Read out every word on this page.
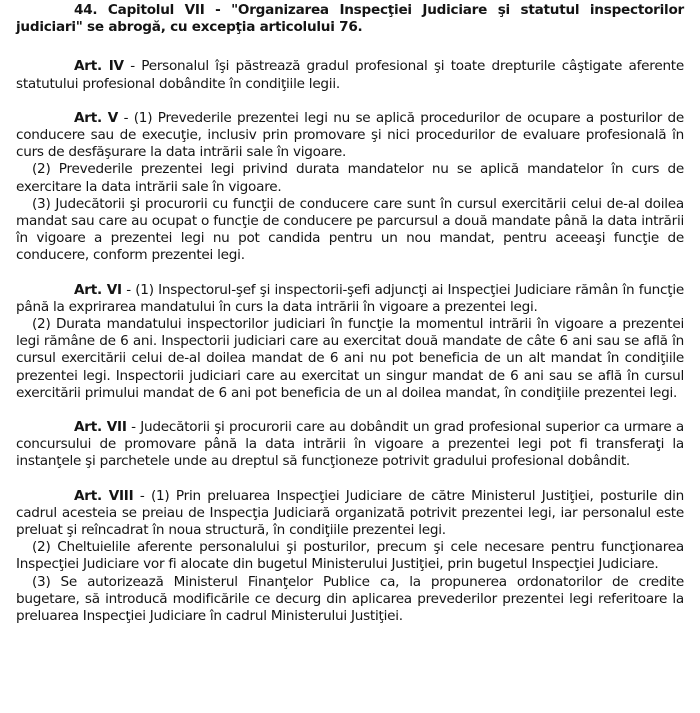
44. Capitolul VII - "Organizarea Inspecţiei Judiciare şi statutul inspectorilor judiciari" se abrogă, cu excepţia articolului 76.

Art. IV - Personalul îşi păstrează gradul profesional şi toate drepturile câştigate aferente statutului profesional dobândite în condiţiile legii.

Art. V - (1) Prevederile prezentei legi nu se aplică procedurilor de ocupare a posturilor de conducere sau de execuţie, inclusiv prin promovare şi nici procedurilor de evaluare profesională în curs de desfăşurare la data intrării sale în vigoare.

(2) Prevederile prezentei legi privind durata mandatelor nu se aplică mandatelor în curs de exercitare la data intrării sale în vigoare.

(3) Judecătorii şi procurorii cu funcţii de conducere care sunt în cursul exercitării celui de-al doilea mandat sau care au ocupat o funcţie de conducere pe parcursul a două mandate până la data intrării în vigoare a prezentei legi nu pot candida pentru un nou mandat, pentru aceeaşi funcţie de conducere, conform prezentei legi.

Art. VI - (1) Inspectorul-şef şi inspectorii-şefi adjuncţi ai Inspecţiei Judiciare rămân în funcţie până la exprirarea mandatului în curs la data intrării în vigoare a prezentei legi.

(2) Durata mandatului inspectorilor judiciari în funcţie la momentul intrării în vigoare a prezentei legi rămâne de 6 ani. Inspectorii judiciari care au exercitat două mandate de câte 6 ani sau se află în cursul exercitării celui de-al doilea mandat de 6 ani nu pot beneficia de un alt mandat în condiţiile prezentei legi. Inspectorii judiciari care au exercitat un singur mandat de 6 ani sau se află în cursul exercitării primului mandat de 6 ani pot beneficia de un al doilea mandat, în condiţiile prezentei legi.

Art. VII - Judecătorii şi procurorii care au dobândit un grad profesional superior ca urmare a concursului de promovare până la data intrării în vigoare a prezentei legi pot fi transferaţi la instanţele şi parchetele unde au dreptul să funcţioneze potrivit gradului profesional dobândit.

Art. VIII - (1) Prin preluarea Inspecţiei Judiciare de către Ministerul Justiţiei, posturile din cadrul acesteia se preiau de Inspecţia Judiciară organizată potrivit prezentei legi, iar personalul este preluat şi reîncadrat în noua structură, în condiţiile prezentei legi.

(2) Cheltuielile aferente personalului şi posturilor, precum şi cele necesare pentru funcţionarea Inspecţiei Judiciare vor fi alocate din bugetul Ministerului Justiţiei, prin bugetul Inspecţiei Judiciare.

(3) Se autorizează Ministerul Finanţelor Publice ca, la propunerea ordonatorilor de credite bugetare, să introducă modificările ce decurg din aplicarea prevederilor prezentei legi referitoare la preluarea Inspecţiei Judiciare în cadrul Ministerului Justiţiei.
